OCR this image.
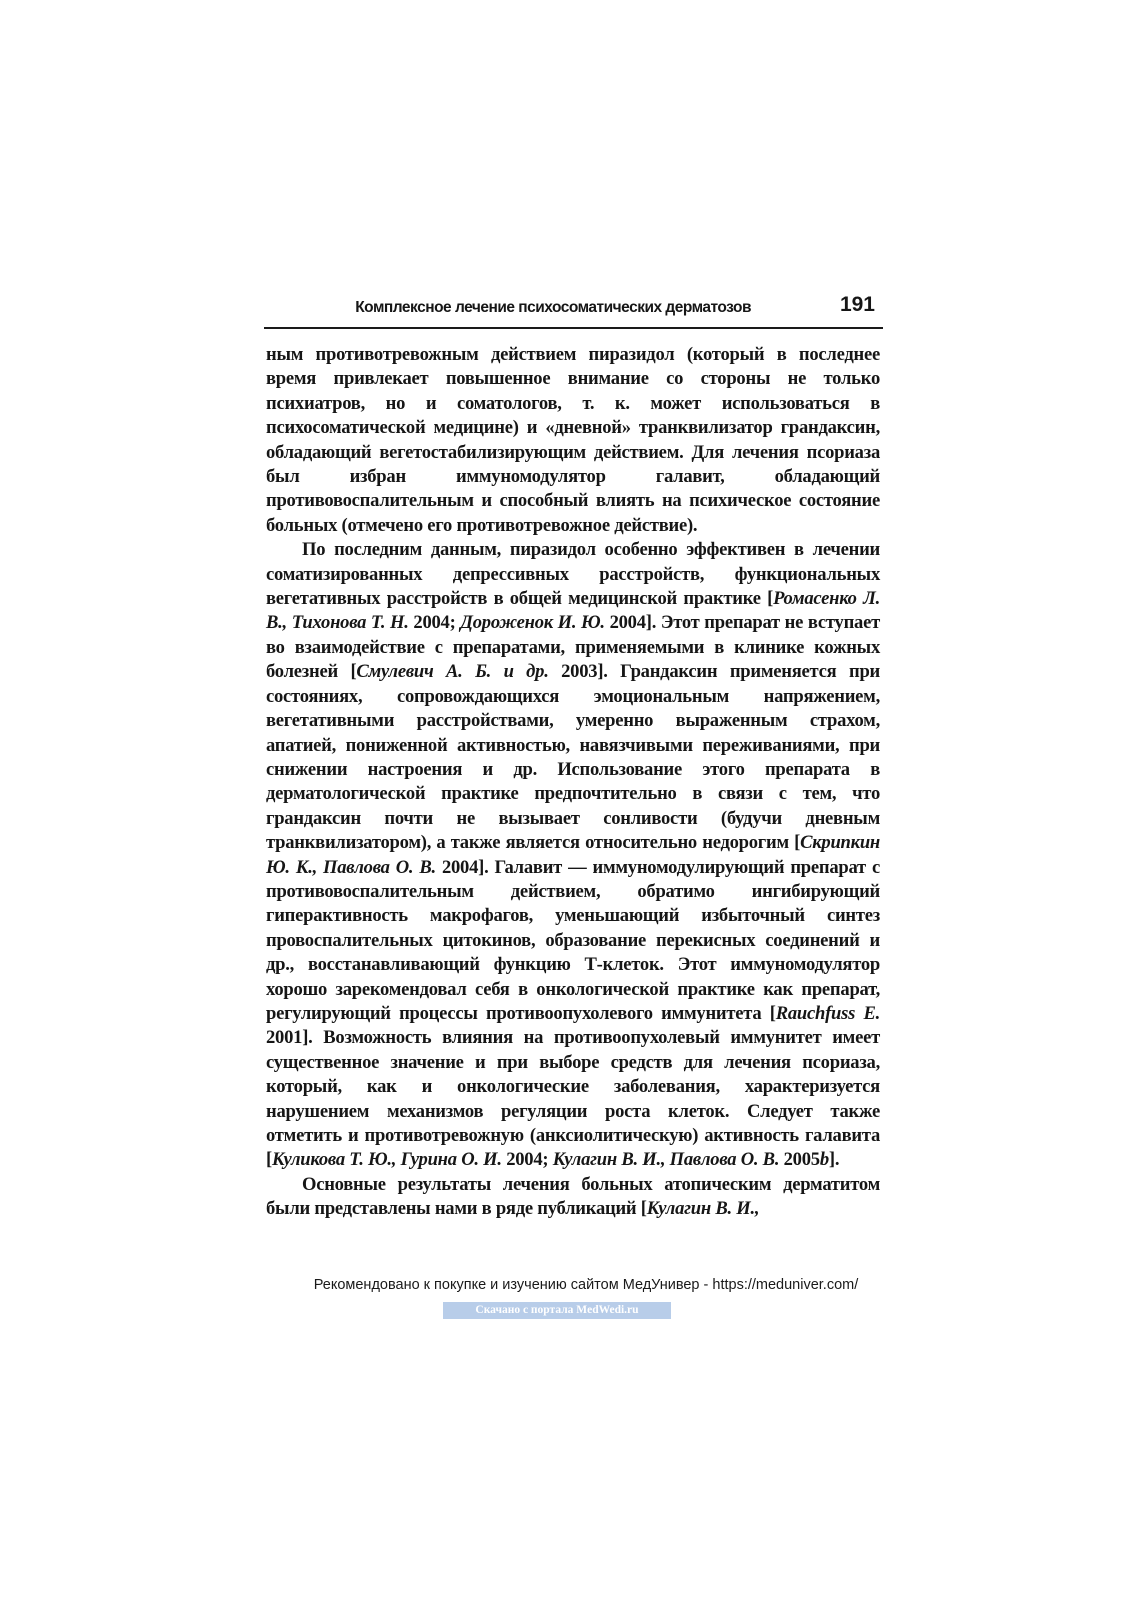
Комплексное лечение психосоматических дерматозов	191

ным противотревожным действием пиразидол (который в последнее время привлекает повышенное внимание со стороны не только психиатров, но и соматологов, т. к. может использоваться в психосоматической медицине) и «дневной» транквилизатор грандаксин, обладающий вегетостабилизирующим действием. Для лечения псориаза был избран иммуномодулятор галавит, обладающий противовоспалительным и способный влиять на психическое состояние больных (отмечено его противотревожное действие).

По последним данным, пиразидол особенно эффективен в лечении соматизированных депрессивных расстройств, функциональных вегетативных расстройств в общей медицинской практике [Ромасенко Л. В., Тихонова Т. Н. 2004; Дороженок И. Ю. 2004]. Этот препарат не вступает во взаимодействие с препаратами, применяемыми в клинике кожных болезней [Смулевич А. Б. и др. 2003]. Грандаксин применяется при состояниях, сопровождающихся эмоциональным напряжением, вегетативными расстройствами, умеренно выраженным страхом, апатией, пониженной активностью, навязчивыми переживаниями, при снижении настроения и др. Использование этого препарата в дерматологической практике предпочтительно в связи с тем, что грандаксин почти не вызывает сонливости (будучи дневным транквилизатором), а также является относительно недорогим [Скрипкин Ю. К., Павлова О. В. 2004]. Галавит — иммуномодулирующий препарат с противовоспалительным действием, обратимо ингибирующий гиперактивность макрофагов, уменьшающий избыточный синтез провоспалительных цитокинов, образование перекисных соединений и др., восстанавливающий функцию Т-клеток. Этот иммуномодулятор хорошо зарекомендовал себя в онкологической практике как препарат, регулирующий процессы противоопухолевого иммунитета [Rauchfuss E. 2001]. Возможность влияния на противоопухолевый иммунитет имеет существенное значение и при выборе средств для лечения псориаза, который, как и онкологические заболевания, характеризуется нарушением механизмов регуляции роста клеток. Следует также отметить и противотревожную (анксиолитическую) активность галавита [Куликова Т. Ю., Гурина О. И. 2004; Кулагин В. И., Павлова О. В. 2005b].

Основные результаты лечения больных атопическим дерматитом были представлены нами в ряде публикаций [Кулагин В. И.,

Рекомендовано к покупке и изучению сайтом МедУнивер - https://meduniver.com/
Скачано с портала MedWedi.ru
